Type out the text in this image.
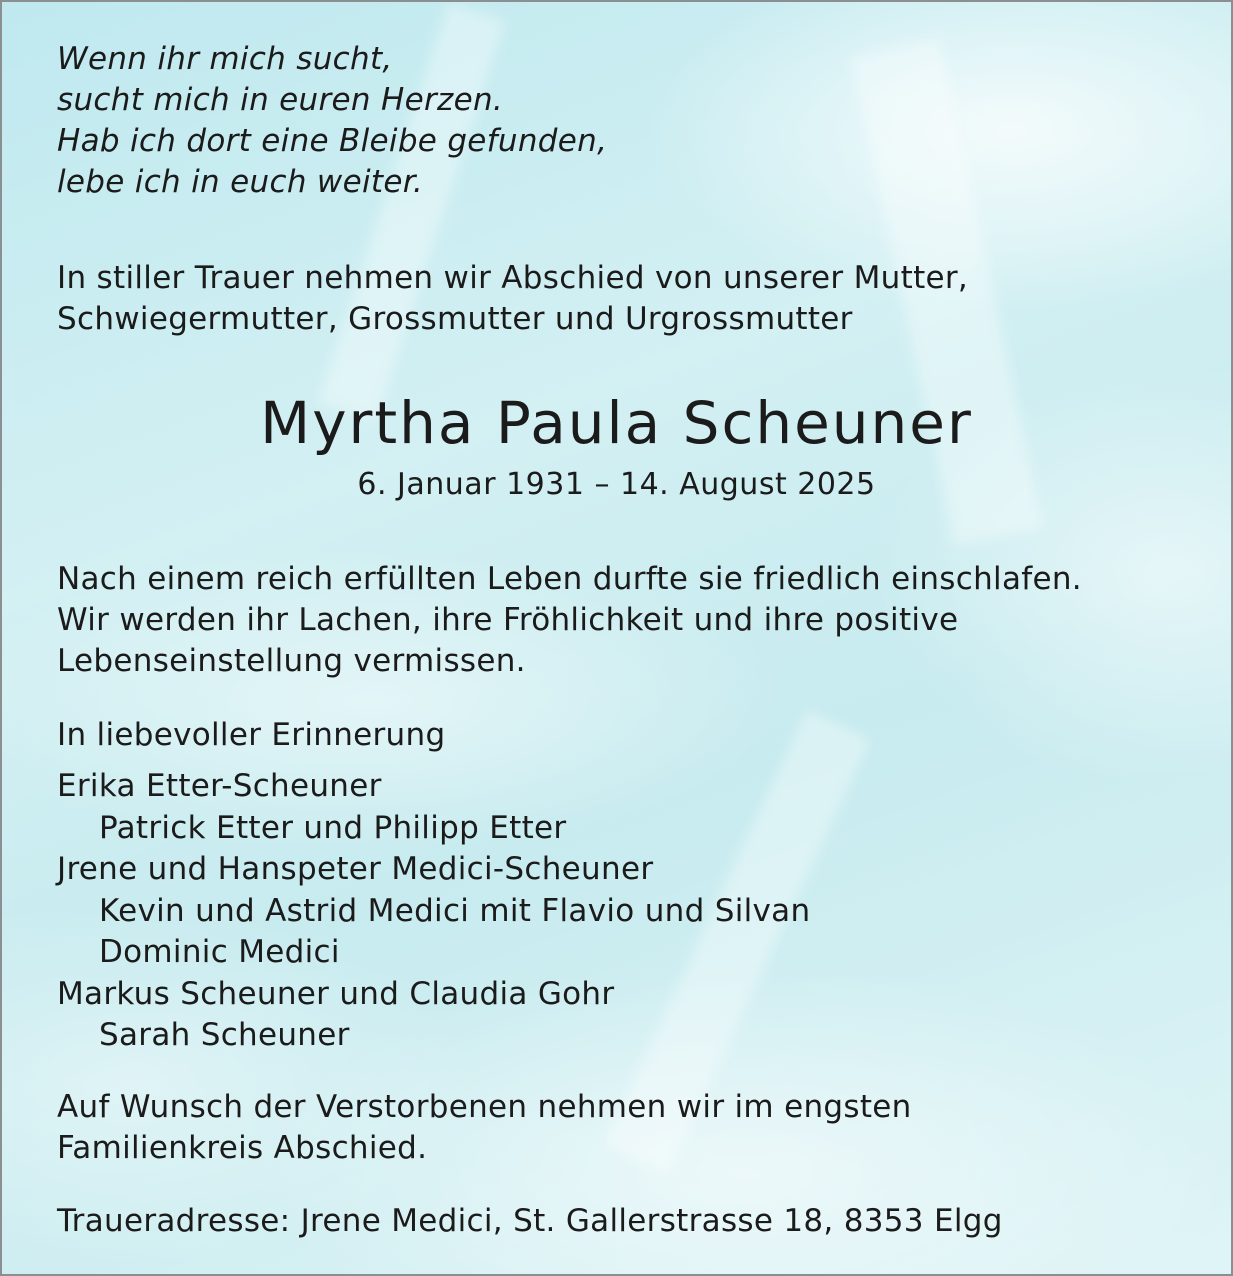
Wenn ihr mich sucht,
sucht mich in euren Herzen.
Hab ich dort eine Bleibe gefunden,
lebe ich in euch weiter.

In stiller Trauer nehmen wir Abschied von unserer Mutter,
Schwiegermutter, Grossmutter und Urgrossmutter

Myrtha Paula Scheuner
6. Januar 1931 – 14. August 2025

Nach einem reich erfüllten Leben durfte sie friedlich einschlafen.
Wir werden ihr Lachen, ihre Fröhlichkeit und ihre positive
Lebenseinstellung vermissen.

In liebevoller Erinnerung

Erika Etter-Scheuner
Patrick Etter und Philipp Etter
Jrene und Hanspeter Medici-Scheuner
Kevin und Astrid Medici mit Flavio und Silvan
Dominic Medici
Markus Scheuner und Claudia Gohr
Sarah Scheuner

Auf Wunsch der Verstorbenen nehmen wir im engsten
Familienkreis Abschied.

Traueradresse: Jrene Medici, St. Gallerstrasse 18, 8353 Elgg
